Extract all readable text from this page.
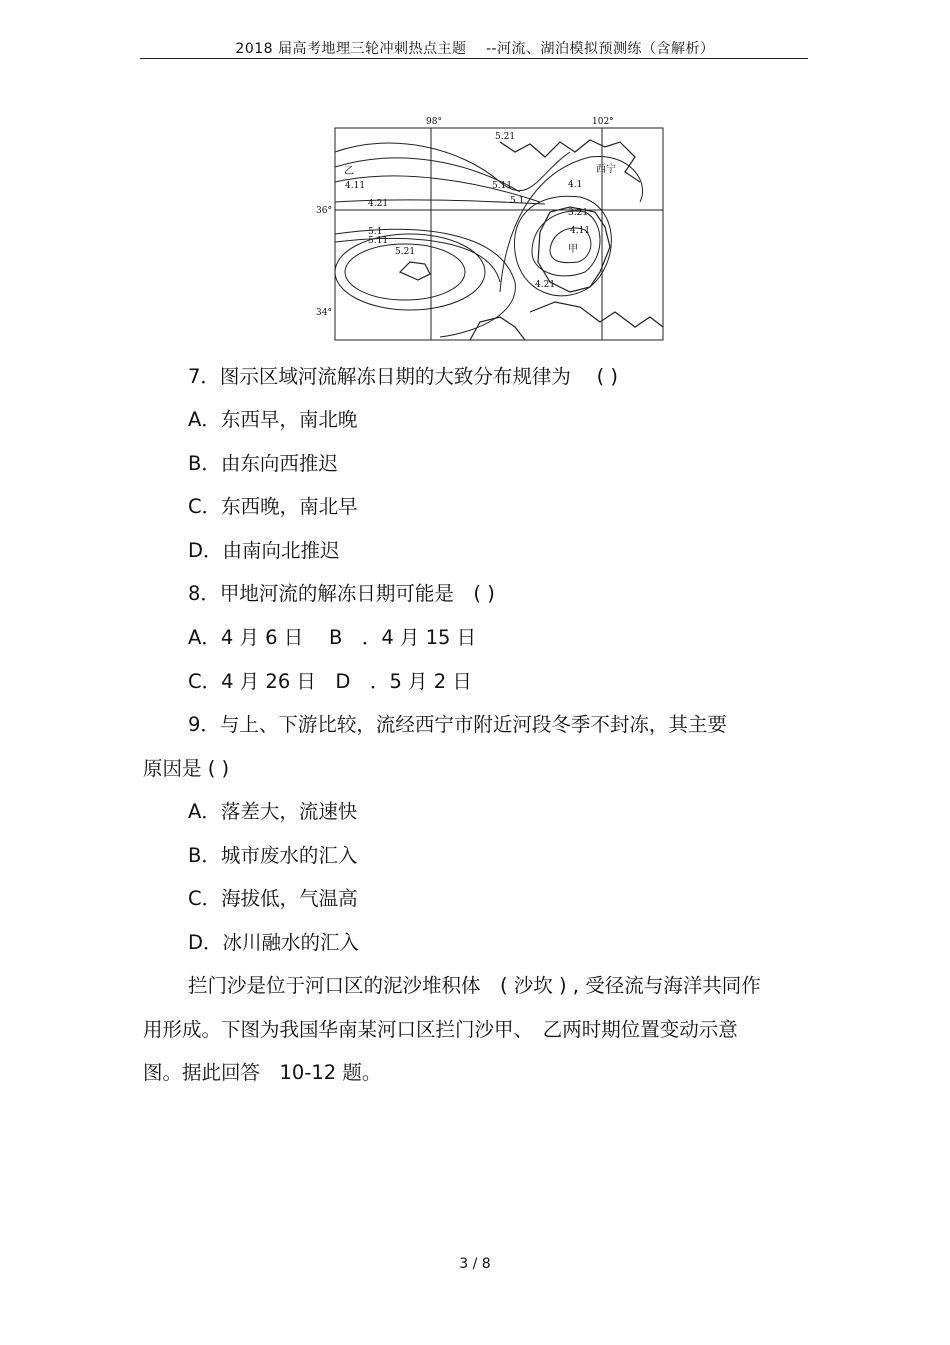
2018 届高考地理三轮冲刺热点主题　 --河流、湖泊模拟预测练（含解析）
98°	102°
36°
34°
5.21
5.11
5.1
4.21
4.11	4.1
3.21
4.11
5.1
5.11
5.21
4.21
乙	西宁
甲
7．图示区域河流解冻日期的大致分布规律为　 ( )
A．东西早，南北晚
B．由东向西推迟
C．东西晚，南北早
D．由南向北推迟
8．甲地河流的解冻日期可能是　( )
A．4 月 6 日　 B　．4 月 15 日
C．4 月 26 日　D　．5 月 2 日
9．与上、下游比较，流经西宁市附近河段冬季不封冻，其主要
原因是 ( )
A．落差大，流速快
B．城市废水的汇入
C．海拔低，气温高
D．冰川融水的汇入
拦门沙是位于河口区的泥沙堆积体　( 沙坎 ) , 受径流与海洋共同作
用形成。下图为我国华南某河口区拦门沙甲、　乙两时期位置变动示意
图。据此回答　10-12 题。
3 / 8
